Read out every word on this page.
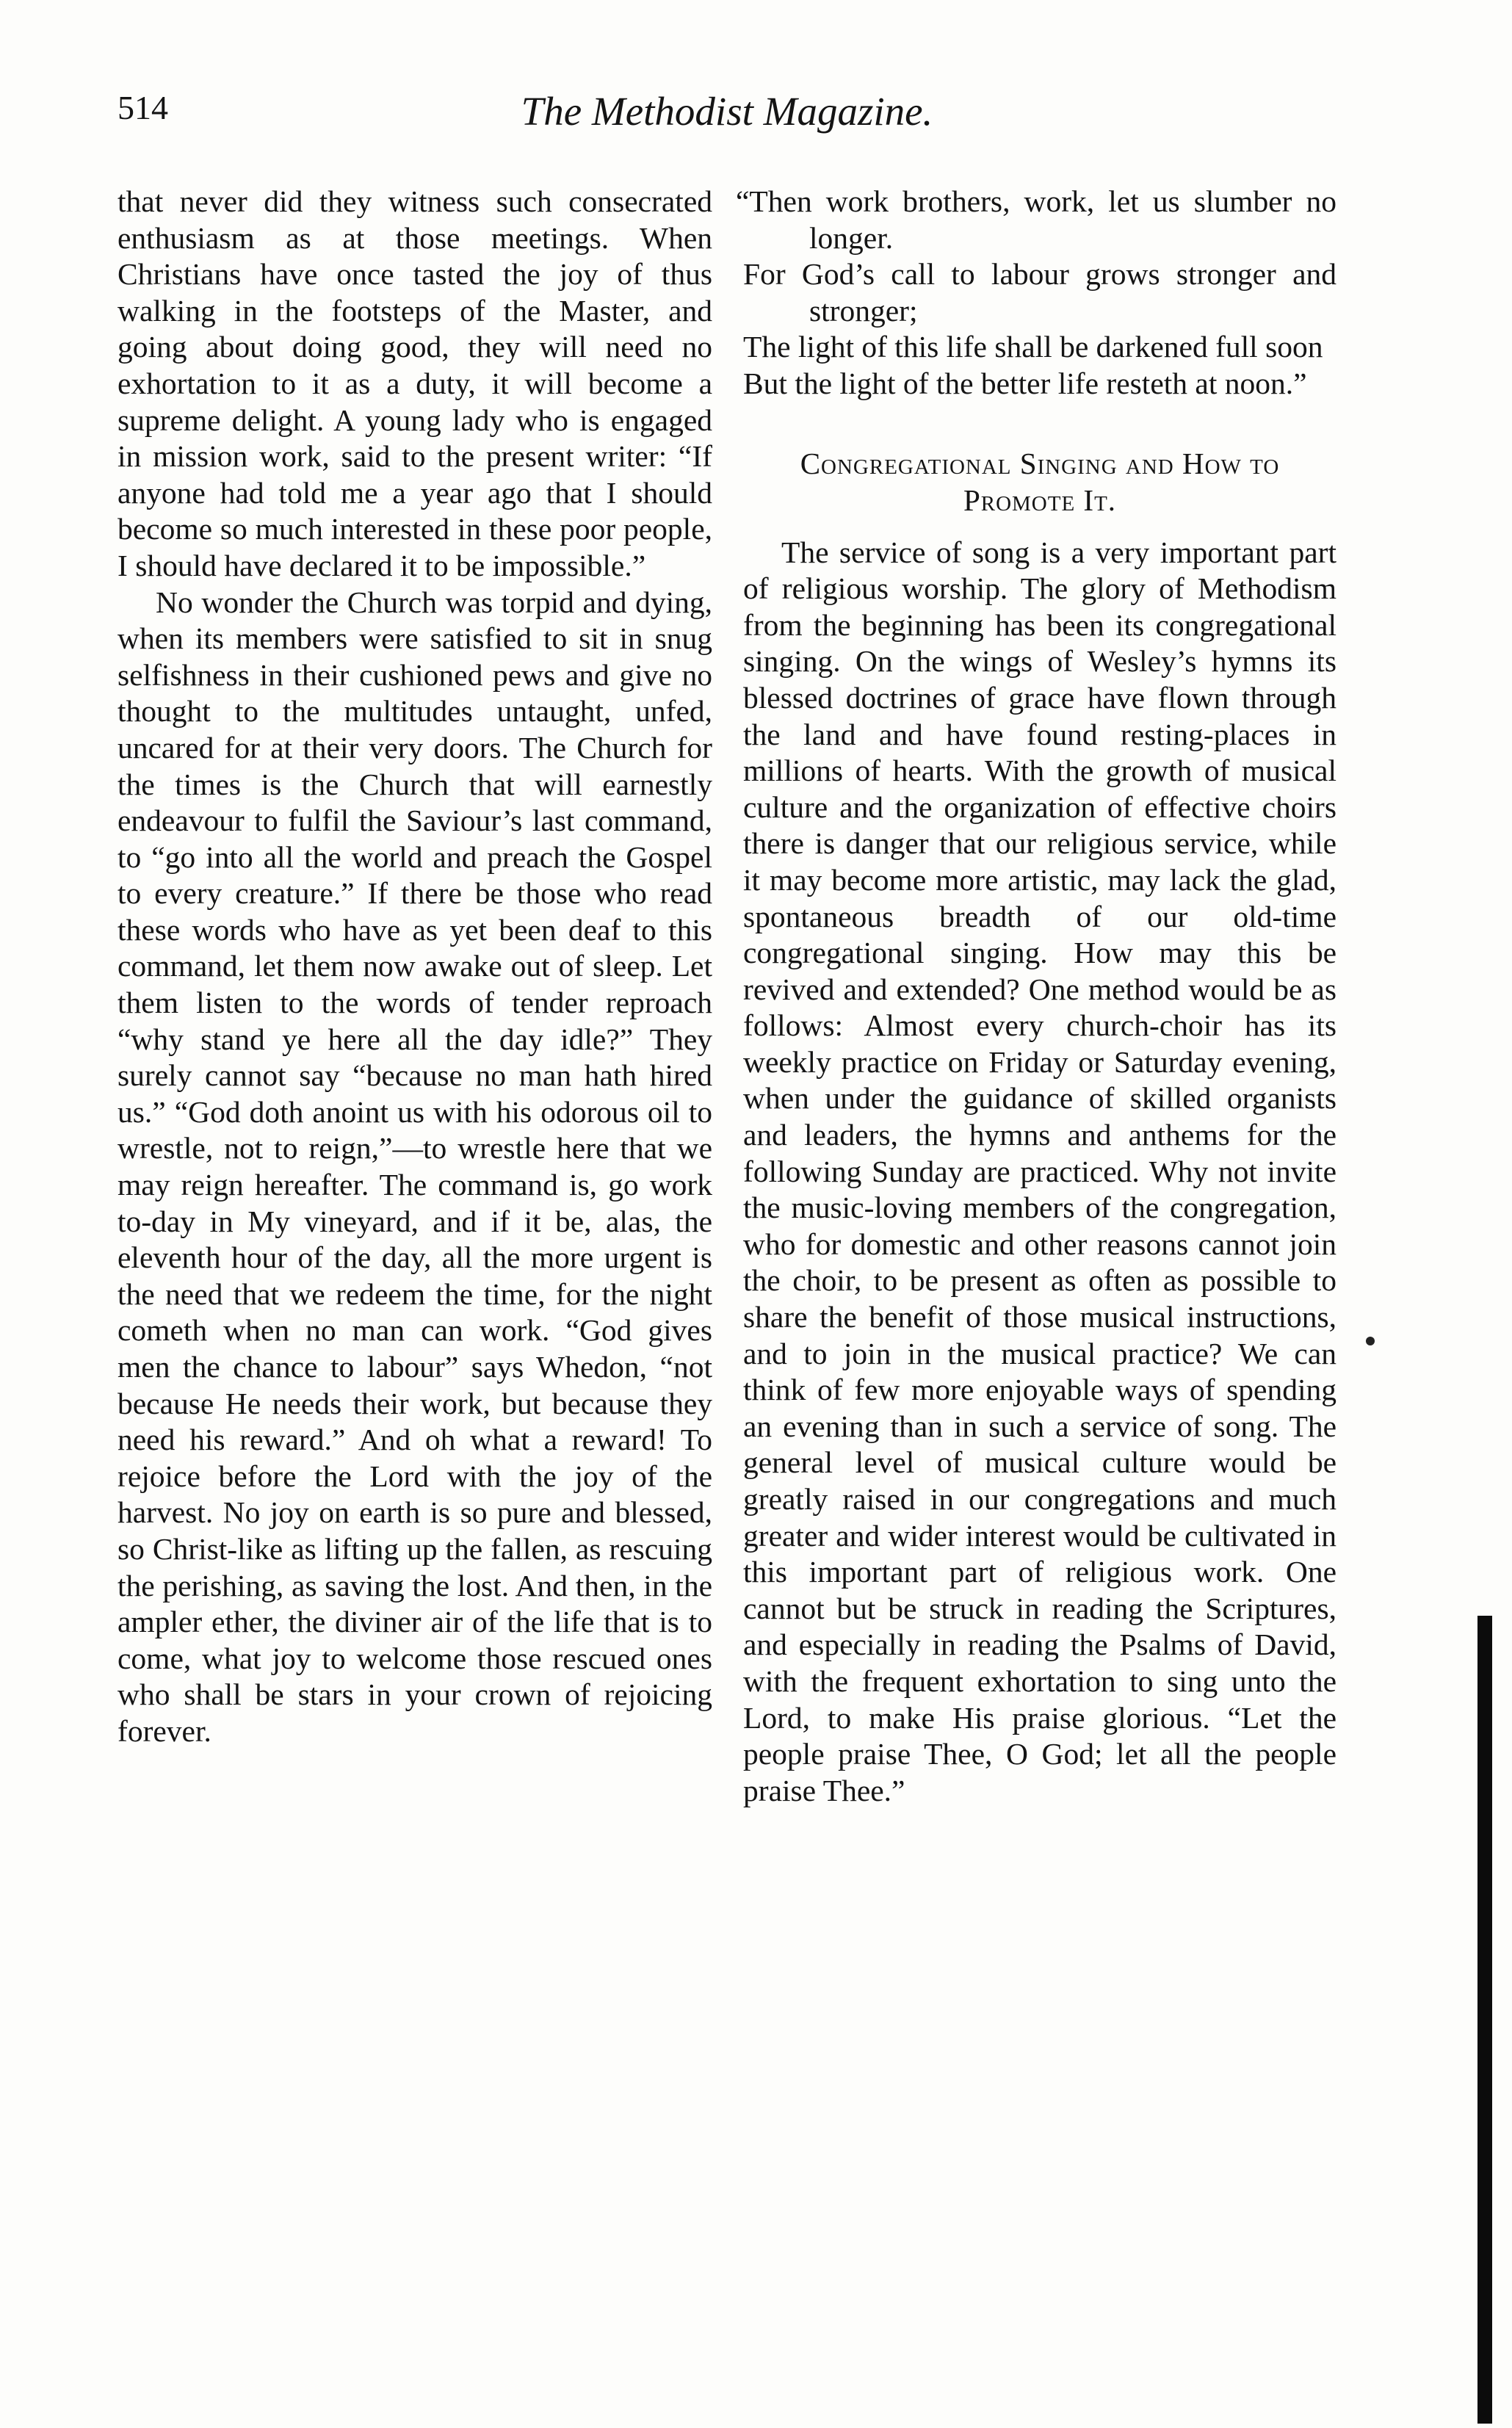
514	The Methodist Magazine.

that never did they witness such consecrated enthusiasm as at those meetings. When Christians have once tasted the joy of thus walking in the footsteps of the Master, and going about doing good, they will need no exhortation to it as a duty, it will become a supreme delight. A young lady who is engaged in mission work, said to the present writer: “If anyone had told me a year ago that I should become so much interested in these poor people, I should have declared it to be impossible.”

No wonder the Church was torpid and dying, when its members were satisfied to sit in snug selfishness in their cushioned pews and give no thought to the multitudes untaught, unfed, uncared for at their very doors. The Church for the times is the Church that will earnestly endeavour to fulfil the Saviour’s last command, to “go into all the world and preach the Gospel to every creature.” If there be those who read these words who have as yet been deaf to this command, let them now awake out of sleep. Let them listen to the words of tender reproach “why stand ye here all the day idle?” They surely cannot say “because no man hath hired us.” “God doth anoint us with his odorous oil to wrestle, not to reign,”—to wrestle here that we may reign hereafter. The command is, go work to-day in My vineyard, and if it be, alas, the eleventh hour of the day, all the more urgent is the need that we redeem the time, for the night cometh when no man can work. “God gives men the chance to labour” says Whedon, “not because He needs their work, but because they need his reward.” And oh what a reward! To rejoice before the Lord with the joy of the harvest. No joy on earth is so pure and blessed, so Christ-like as lifting up the fallen, as rescuing the perishing, as saving the lost. And then, in the ampler ether, the diviner air of the life that is to come, what joy to welcome those rescued ones who shall be stars in your crown of rejoicing forever.

“Then work brothers, work, let us slumber no longer.
For God’s call to labour grows stronger and stronger;
The light of this life shall be darkened full soon
But the light of the better life resteth at noon.”
Congregational Singing and How to Promote It.

The service of song is a very important part of religious worship. The glory of Methodism from the beginning has been its congregational singing. On the wings of Wesley’s hymns its blessed doctrines of grace have flown through the land and have found resting-places in millions of hearts. With the growth of musical culture and the organization of effective choirs there is danger that our religious service, while it may become more artistic, may lack the glad, spontaneous breadth of our old-time congregational singing. How may this be revived and extended? One method would be as follows: Almost every church-choir has its weekly practice on Friday or Saturday evening, when under the guidance of skilled organists and leaders, the hymns and anthems for the following Sunday are practiced. Why not invite the music-loving members of the congregation, who for domestic and other reasons cannot join the choir, to be present as often as possible to share the benefit of those musical instructions, and to join in the musical practice? We can think of few more enjoyable ways of spending an evening than in such a service of song. The general level of musical culture would be greatly raised in our congregations and much greater and wider interest would be cultivated in this important part of religious work. One cannot but be struck in reading the Scriptures, and especially in reading the Psalms of David, with the frequent exhortation to sing unto the Lord, to make His praise glorious. “Let the people praise Thee, O God; let all the people praise Thee.”
